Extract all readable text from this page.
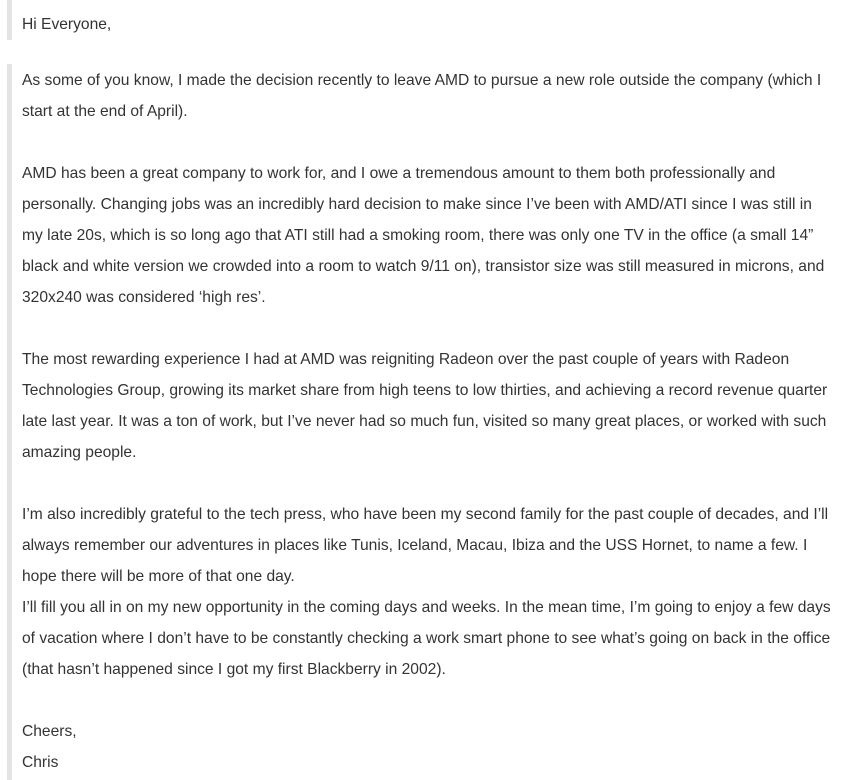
Hi Everyone,

As some of you know, I made the decision recently to leave AMD to pursue a new role outside the company (which I
start at the end of April).

AMD has been a great company to work for, and I owe a tremendous amount to them both professionally and
personally. Changing jobs was an incredibly hard decision to make since I’ve been with AMD/ATI since I was still in
my late 20s, which is so long ago that ATI still had a smoking room, there was only one TV in the office (a small 14”
black and white version we crowded into a room to watch 9/11 on), transistor size was still measured in microns, and
320x240 was considered ‘high res’.

The most rewarding experience I had at AMD was reigniting Radeon over the past couple of years with Radeon
Technologies Group, growing its market share from high teens to low thirties, and achieving a record revenue quarter
late last year. It was a ton of work, but I’ve never had so much fun, visited so many great places, or worked with such
amazing people.

I’m also incredibly grateful to the tech press, who have been my second family for the past couple of decades, and I’ll
always remember our adventures in places like Tunis, Iceland, Macau, Ibiza and the USS Hornet, to name a few. I
hope there will be more of that one day.
I’ll fill you all in on my new opportunity in the coming days and weeks. In the mean time, I’m going to enjoy a few days
of vacation where I don’t have to be constantly checking a work smart phone to see what’s going on back in the office
(that hasn’t happened since I got my first Blackberry in 2002).

Cheers,
Chris
